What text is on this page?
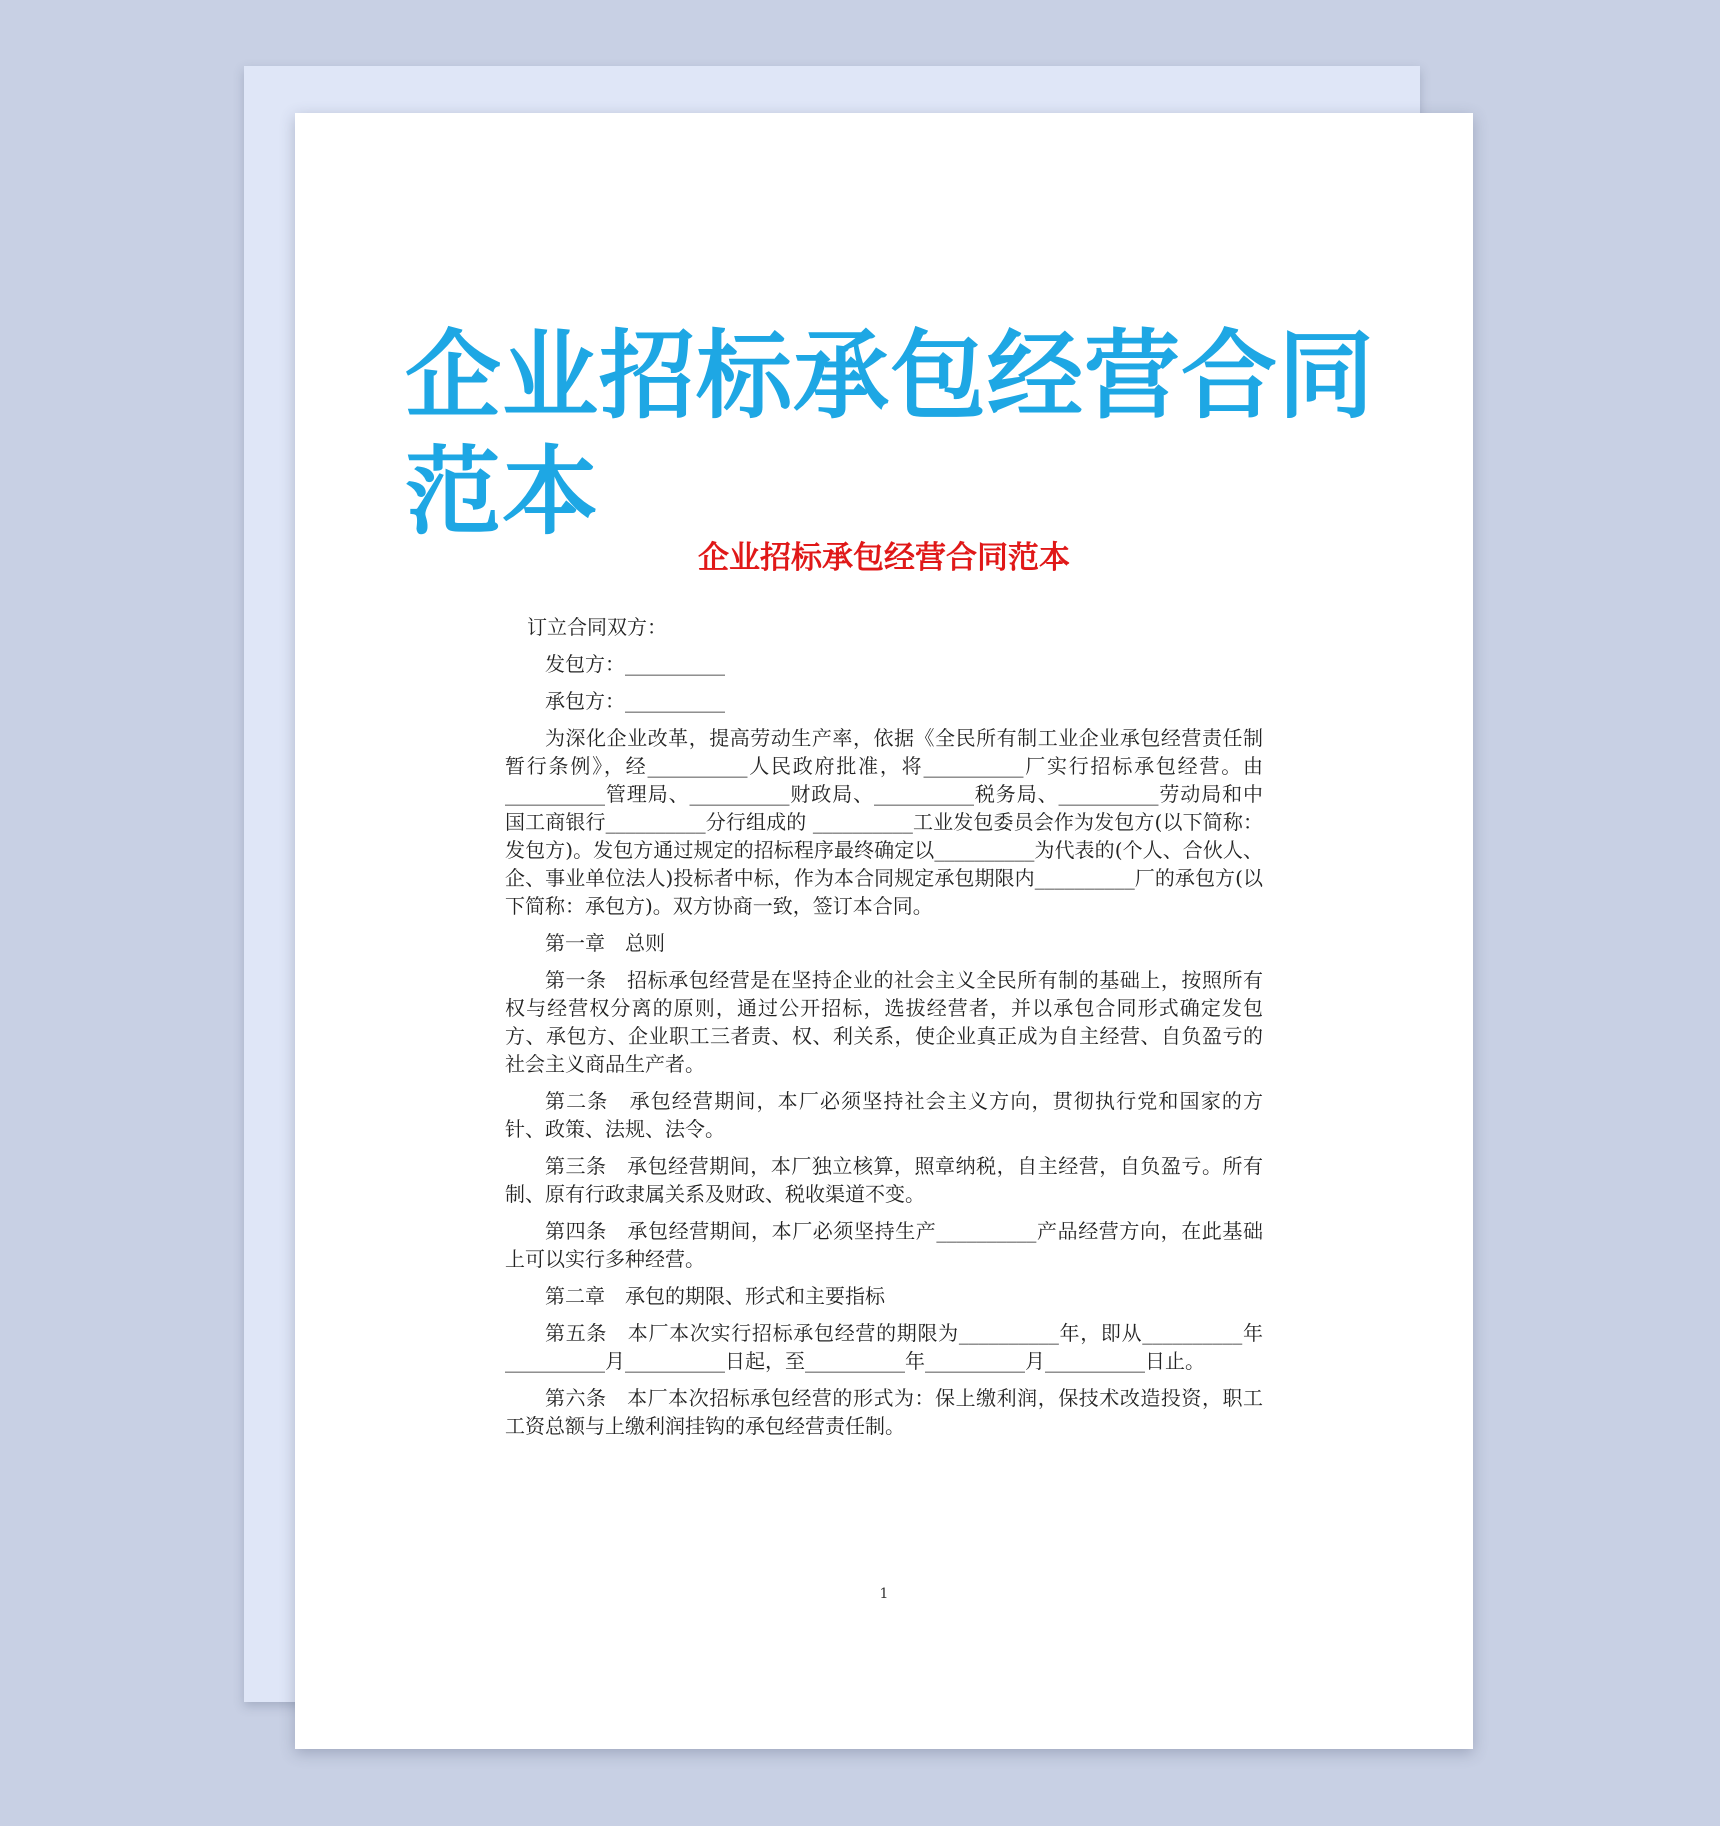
企业招标承包经营合同范本
企业招标承包经营合同范本

订立合同双方：

发包方：__________

承包方：__________

为深化企业改革，提高劳动生产率，依据《全民所有制工业企业承包经营责任制暂行条例》，经__________人民政府批准，将__________厂实行招标承包经营。由 __________管理局、__________财政局、__________税务局、__________劳动局和中国工商银行__________分行组成的 __________工业发包委员会作为发包方(以下简称：发包方)。发包方通过规定的招标程序最终确定以__________为代表的(个人、合伙人、企、事业单位法人)投标者中标，作为本合同规定承包期限内__________厂的承包方(以下简称：承包方)。双方协商一致，签订本合同。

第一章　总则

第一条　招标承包经营是在坚持企业的社会主义全民所有制的基础上，按照所有权与经营权分离的原则，通过公开招标，选拔经营者，并以承包合同形式确定发包方、承包方、企业职工三者责、权、利关系，使企业真正成为自主经营、自负盈亏的社会主义商品生产者。

第二条　承包经营期间，本厂必须坚持社会主义方向，贯彻执行党和国家的方针、政策、法规、法令。

第三条　承包经营期间，本厂独立核算，照章纳税，自主经营，自负盈亏。所有制、原有行政隶属关系及财政、税收渠道不变。

第四条　承包经营期间，本厂必须坚持生产__________产品经营方向，在此基础上可以实行多种经营。

第二章　承包的期限、形式和主要指标

第五条　本厂本次实行招标承包经营的期限为__________年，即从__________年__________月__________日起，至__________年__________月__________日止。

第六条　本厂本次招标承包经营的形式为：保上缴利润，保技术改造投资，职工工资总额与上缴利润挂钩的承包经营责任制。

1
